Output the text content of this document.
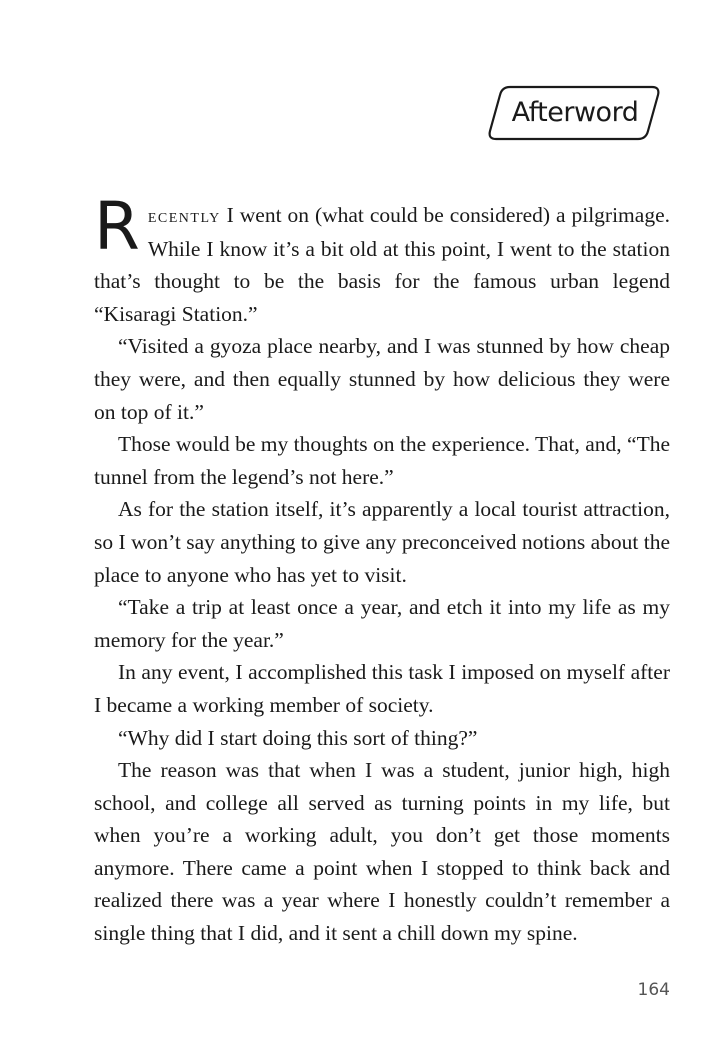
Afterword

Recently I went on (what could be considered) a pilgrimage. While I know it’s a bit old at this point, I went to the station that’s thought to be the basis for the famous urban legend “Kisaragi Station.”

“Visited a gyoza place nearby, and I was stunned by how cheap they were, and then equally stunned by how delicious they were on top of it.”

Those would be my thoughts on the experience. That, and, “The tunnel from the legend’s not here.”

As for the station itself, it’s apparently a local tourist attraction, so I won’t say anything to give any preconceived notions about the place to anyone who has yet to visit.

“Take a trip at least once a year, and etch it into my life as my memory for the year.”

In any event, I accomplished this task I imposed on myself after I became a working member of society.

“Why did I start doing this sort of thing?”

The reason was that when I was a student, junior high, high school, and college all served as turning points in my life, but when you’re a working adult, you don’t get those moments anymore. There came a point when I stopped to think back and realized there was a year where I honestly couldn’t remember a single thing that I did, and it sent a chill down my spine.

164
